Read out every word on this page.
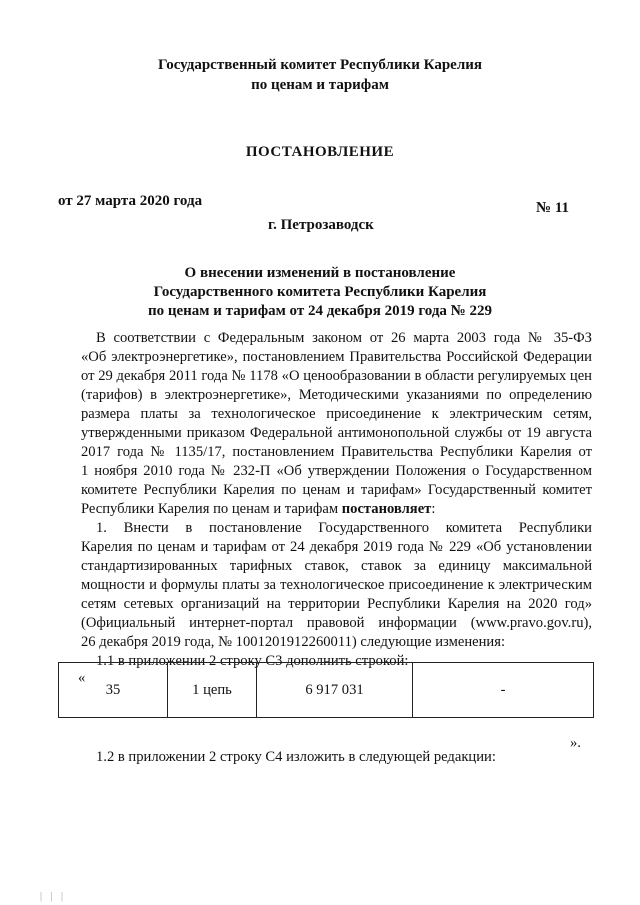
Государственный комитет Республики Карелия
по ценам и тарифам
ПОСТАНОВЛЕНИЕ
от 27 марта 2020 года	№ 11
г. Петрозаводск
О внесении изменений в постановление
Государственного комитета Республики Карелия
по ценам и тарифам от 24 декабря 2019 года № 229
В соответствии с Федеральным законом от 26 марта 2003 года № 35-ФЗ
«Об электроэнергетике», постановлением Правительства Российской Федерации
от 29 декабря 2011 года № 1178 «О ценообразовании в области регулируемых цен
(тарифов) в электроэнергетике», Методическими указаниями по определению
размера платы за технологическое присоединение к электрическим сетям,
утвержденными приказом Федеральной антимонопольной службы от 19 августа
2017 года № 1135/17, постановлением Правительства Республики Карелия от
1 ноября 2010 года № 232-П «Об утверждении Положения о Государственном
комитете Республики Карелия по ценам и тарифам» Государственный комитет
Республики Карелия по ценам и тарифам постановляет:
1. Внести в постановление Государственного комитета Республики
Карелия по ценам и тарифам от 24 декабря 2019 года № 229 «Об установлении
стандартизированных тарифных ставок, ставок за единицу максимальной
мощности и формулы платы за технологическое присоединение к электрическим
сетям сетевых организаций на территории Республики Карелия на 2020 год»
(Официальный интернет-портал правовой информации (www.pravo.gov.ru),
26 декабря 2019 года, № 1001201912260011) следующие изменения:
1.1 в приложении 2 строку С3 дополнить строкой:
«
35	1 цепь	6 917 031	-
».
1.2 в приложении 2 строку С4 изложить в следующей редакции:
| | |
